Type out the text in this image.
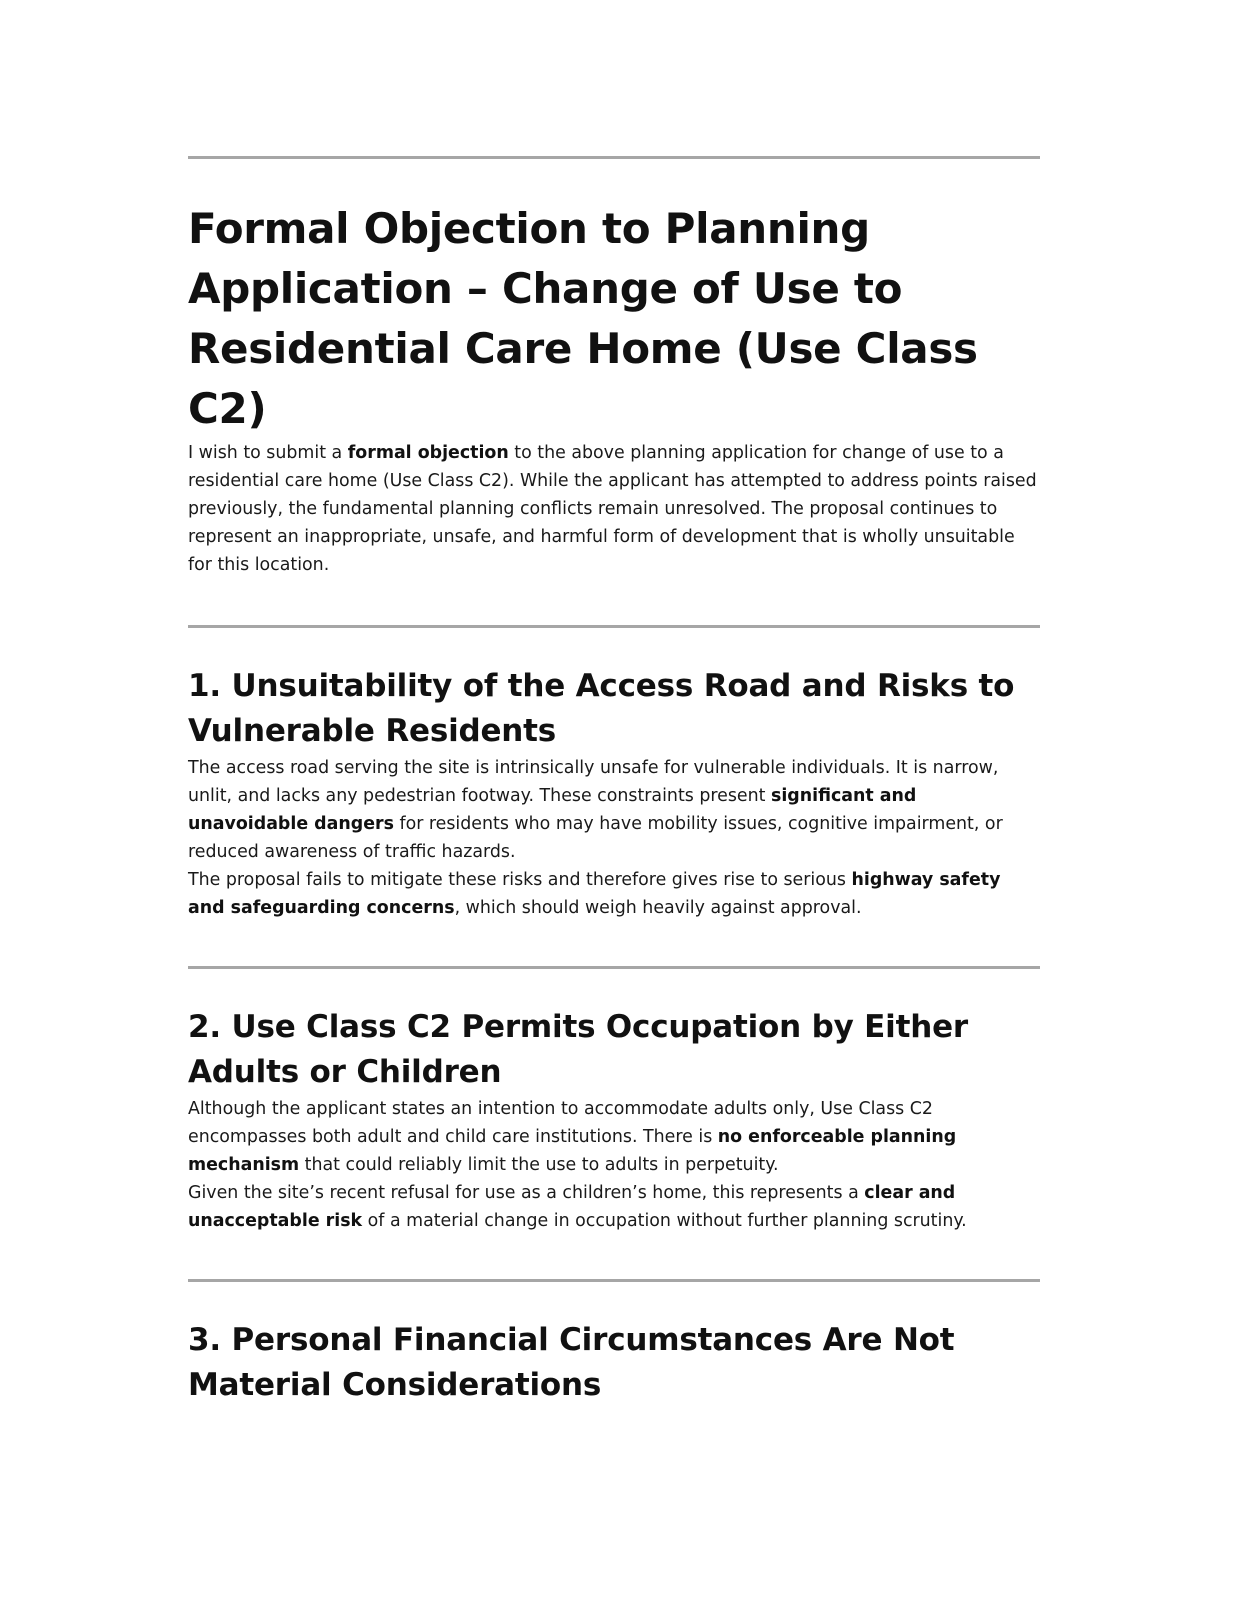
Formal Objection to Planning Application – Change of Use to Residential Care Home (Use Class C2)

I wish to submit a formal objection to the above planning application for change of use to a residential care home (Use Class C2). While the applicant has attempted to address points raised previously, the fundamental planning conflicts remain unresolved. The proposal continues to represent an inappropriate, unsafe, and harmful form of development that is wholly unsuitable for this location.

1. Unsuitability of the Access Road and Risks to Vulnerable Residents

The access road serving the site is intrinsically unsafe for vulnerable individuals. It is narrow, unlit, and lacks any pedestrian footway. These constraints present significant and unavoidable dangers for residents who may have mobility issues, cognitive impairment, or reduced awareness of traffic hazards.

The proposal fails to mitigate these risks and therefore gives rise to serious highway safety and safeguarding concerns, which should weigh heavily against approval.

2. Use Class C2 Permits Occupation by Either Adults or Children

Although the applicant states an intention to accommodate adults only, Use Class C2 encompasses both adult and child care institutions. There is no enforceable planning mechanism that could reliably limit the use to adults in perpetuity.
Given the site’s recent refusal for use as a children’s home, this represents a clear and unacceptable risk of a material change in occupation without further planning scrutiny.

3. Personal Financial Circumstances Are Not Material Considerations
